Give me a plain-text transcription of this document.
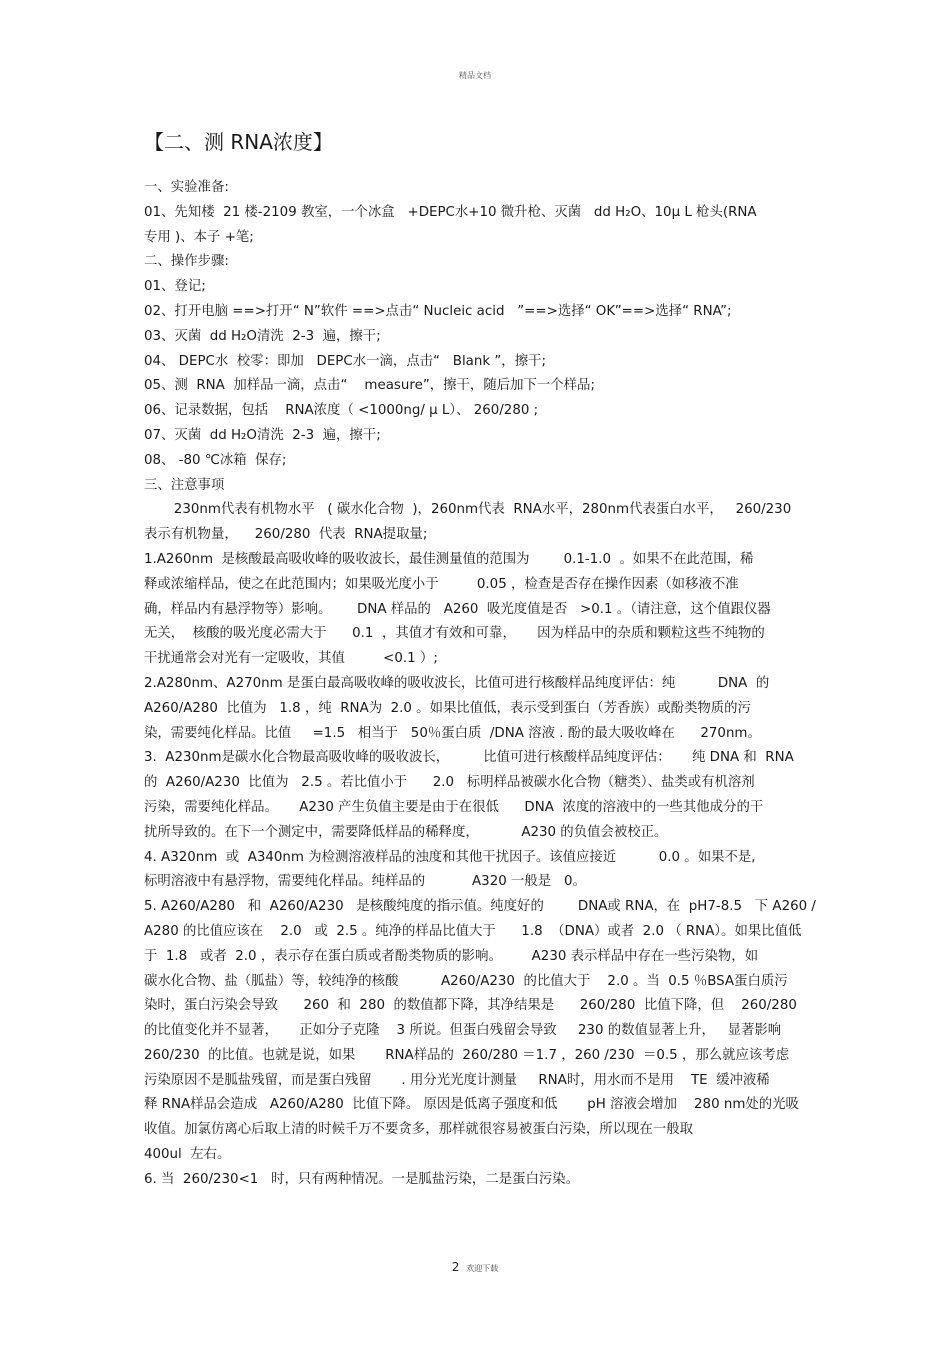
精品文档
【二、测 RNA浓度】

一、实验准备:

01、先知楼  21 楼-2109 教室，一个冰盒   +DEPC水+10 微升枪、灭菌   dd H₂O、10μ L 枪头(RNA

专用 )、本子 +笔;

二、操作步骤:

01、登记;

02、打开电脑 ==>打开“ N”软件 ==>点击“ Nucleic acid   ”==>选择“ OK”==>选择“ RNA”;

03、灭菌  dd H₂O清洗  2-3  遍，擦干;

04、 DEPC水  校零：即加   DEPC水一滴，点击“   Blank ”，擦干;

05、测  RNA  加样品一滴，点击“    measure”，擦干，随后加下一个样品;

06、记录数据，包括    RNA浓度（ <1000ng/ μ L）、 260/280 ;

07、灭菌  dd H₂O清洗  2-3  遍，擦干;

08、 -80 ℃冰箱  保存;

三、注意事项

230nm代表有机物水平   ( 碳水化合物  )，260nm代表  RNA水平，280nm代表蛋白水平，   260/230

表示有机物量，    260/280  代表  RNA提取量;

1.A260nm  是核酸最高吸收峰的吸收波长，最佳测量值的范围为        0.1-1.0  。如果不在此范围，稀

释或浓缩样品，使之在此范围内；如果吸光度小于         0.05 ，检查是否存在操作因素（如移液不准

确，样品内有悬浮物等）影响。      DNA 样品的   A260  吸光度值是否   >0.1 。（请注意，这个值跟仪器

无关，  核酸的吸光度必需大于      0.1  ，其值才有效和可靠，     因为样品中的杂质和颗粒这些不纯物的

干扰通常会对光有一定吸收，其值         <0.1 ）;

2.A280nm、A270nm 是蛋白最高吸收峰的吸收波长，比值可进行核酸样品纯度评估：纯          DNA  的

A260/A280  比值为   1.8 ，纯  RNA为  2.0 。如果比值低，表示受到蛋白（芳香族）或酚类物质的污

染，需要纯化样品。比值     =1.5   相当于   50％蛋白质  /DNA 溶液 . 酚的最大吸收峰在      270nm。

3.  A230nm是碳水化合物最高吸收峰的吸收波长，        比值可进行核酸样品纯度评估：     纯 DNA 和  RNA

的  A260/A230  比值为   2.5 。若比值小于      2.0   标明样品被碳水化合物（糖类）、盐类或有机溶剂

污染，需要纯化样品。     A230 产生负值主要是由于在很低      DNA  浓度的溶液中的一些其他成分的干

扰所导致的。在下一个测定中，需要降低样品的稀释度，          A230 的负值会被校正。

4. A320nm  或  A340nm 为检测溶液样品的浊度和其他干扰因子。该值应接近          0.0 。如果不是,

标明溶液中有悬浮物，需要纯化样品。纯样品的           A320 一般是   0。

5. A260/A280   和  A260/A230   是核酸纯度的指示值。纯度好的        DNA或 RNA，在  pH7-8.5   下 A260 /

A280 的比值应该在    2.0   或  2.5 。纯净的样品比值大于      1.8  （DNA）或者  2.0 （ RNA）。如果比值低

于  1.8   或者  2.0 ，表示存在蛋白质或者酚类物质的影响。       A230 表示样品中存在一些污染物，如

碳水化合物、盐（胍盐）等，较纯净的核酸          A260/A230  的比值大于    2.0 。当  0.5 ％BSA蛋白质污

染时，蛋白污染会导致      260  和  280  的数值都下降，其净结果是      260/280  比值下降，但    260/280

的比值变化并不显著，     正如分子克隆    3 所说。但蛋白残留会导致     230 的数值显著上升，   显著影响

260/230  的比值。也就是说，如果       RNA样品的  260/280 ＝1.7 ，260 /230  ＝0.5 ，那么就应该考虑

污染原因不是胍盐残留，而是蛋白残留       . 用分光光度计测量     RNA时，用水而不是用    TE  缓冲液稀

释 RNA样品会造成   A260/A280  比值下降。 原因是低离子强度和低       pH 溶液会增加    280 nm处的光吸

收值。加氯仿离心后取上清的时候千万不要贪多，那样就很容易被蛋白污染，所以现在一般取

400ul  左右。

6. 当  260/230<1   时，只有两种情况。一是胍盐污染，二是蛋白污染。

2 欢迎下载
